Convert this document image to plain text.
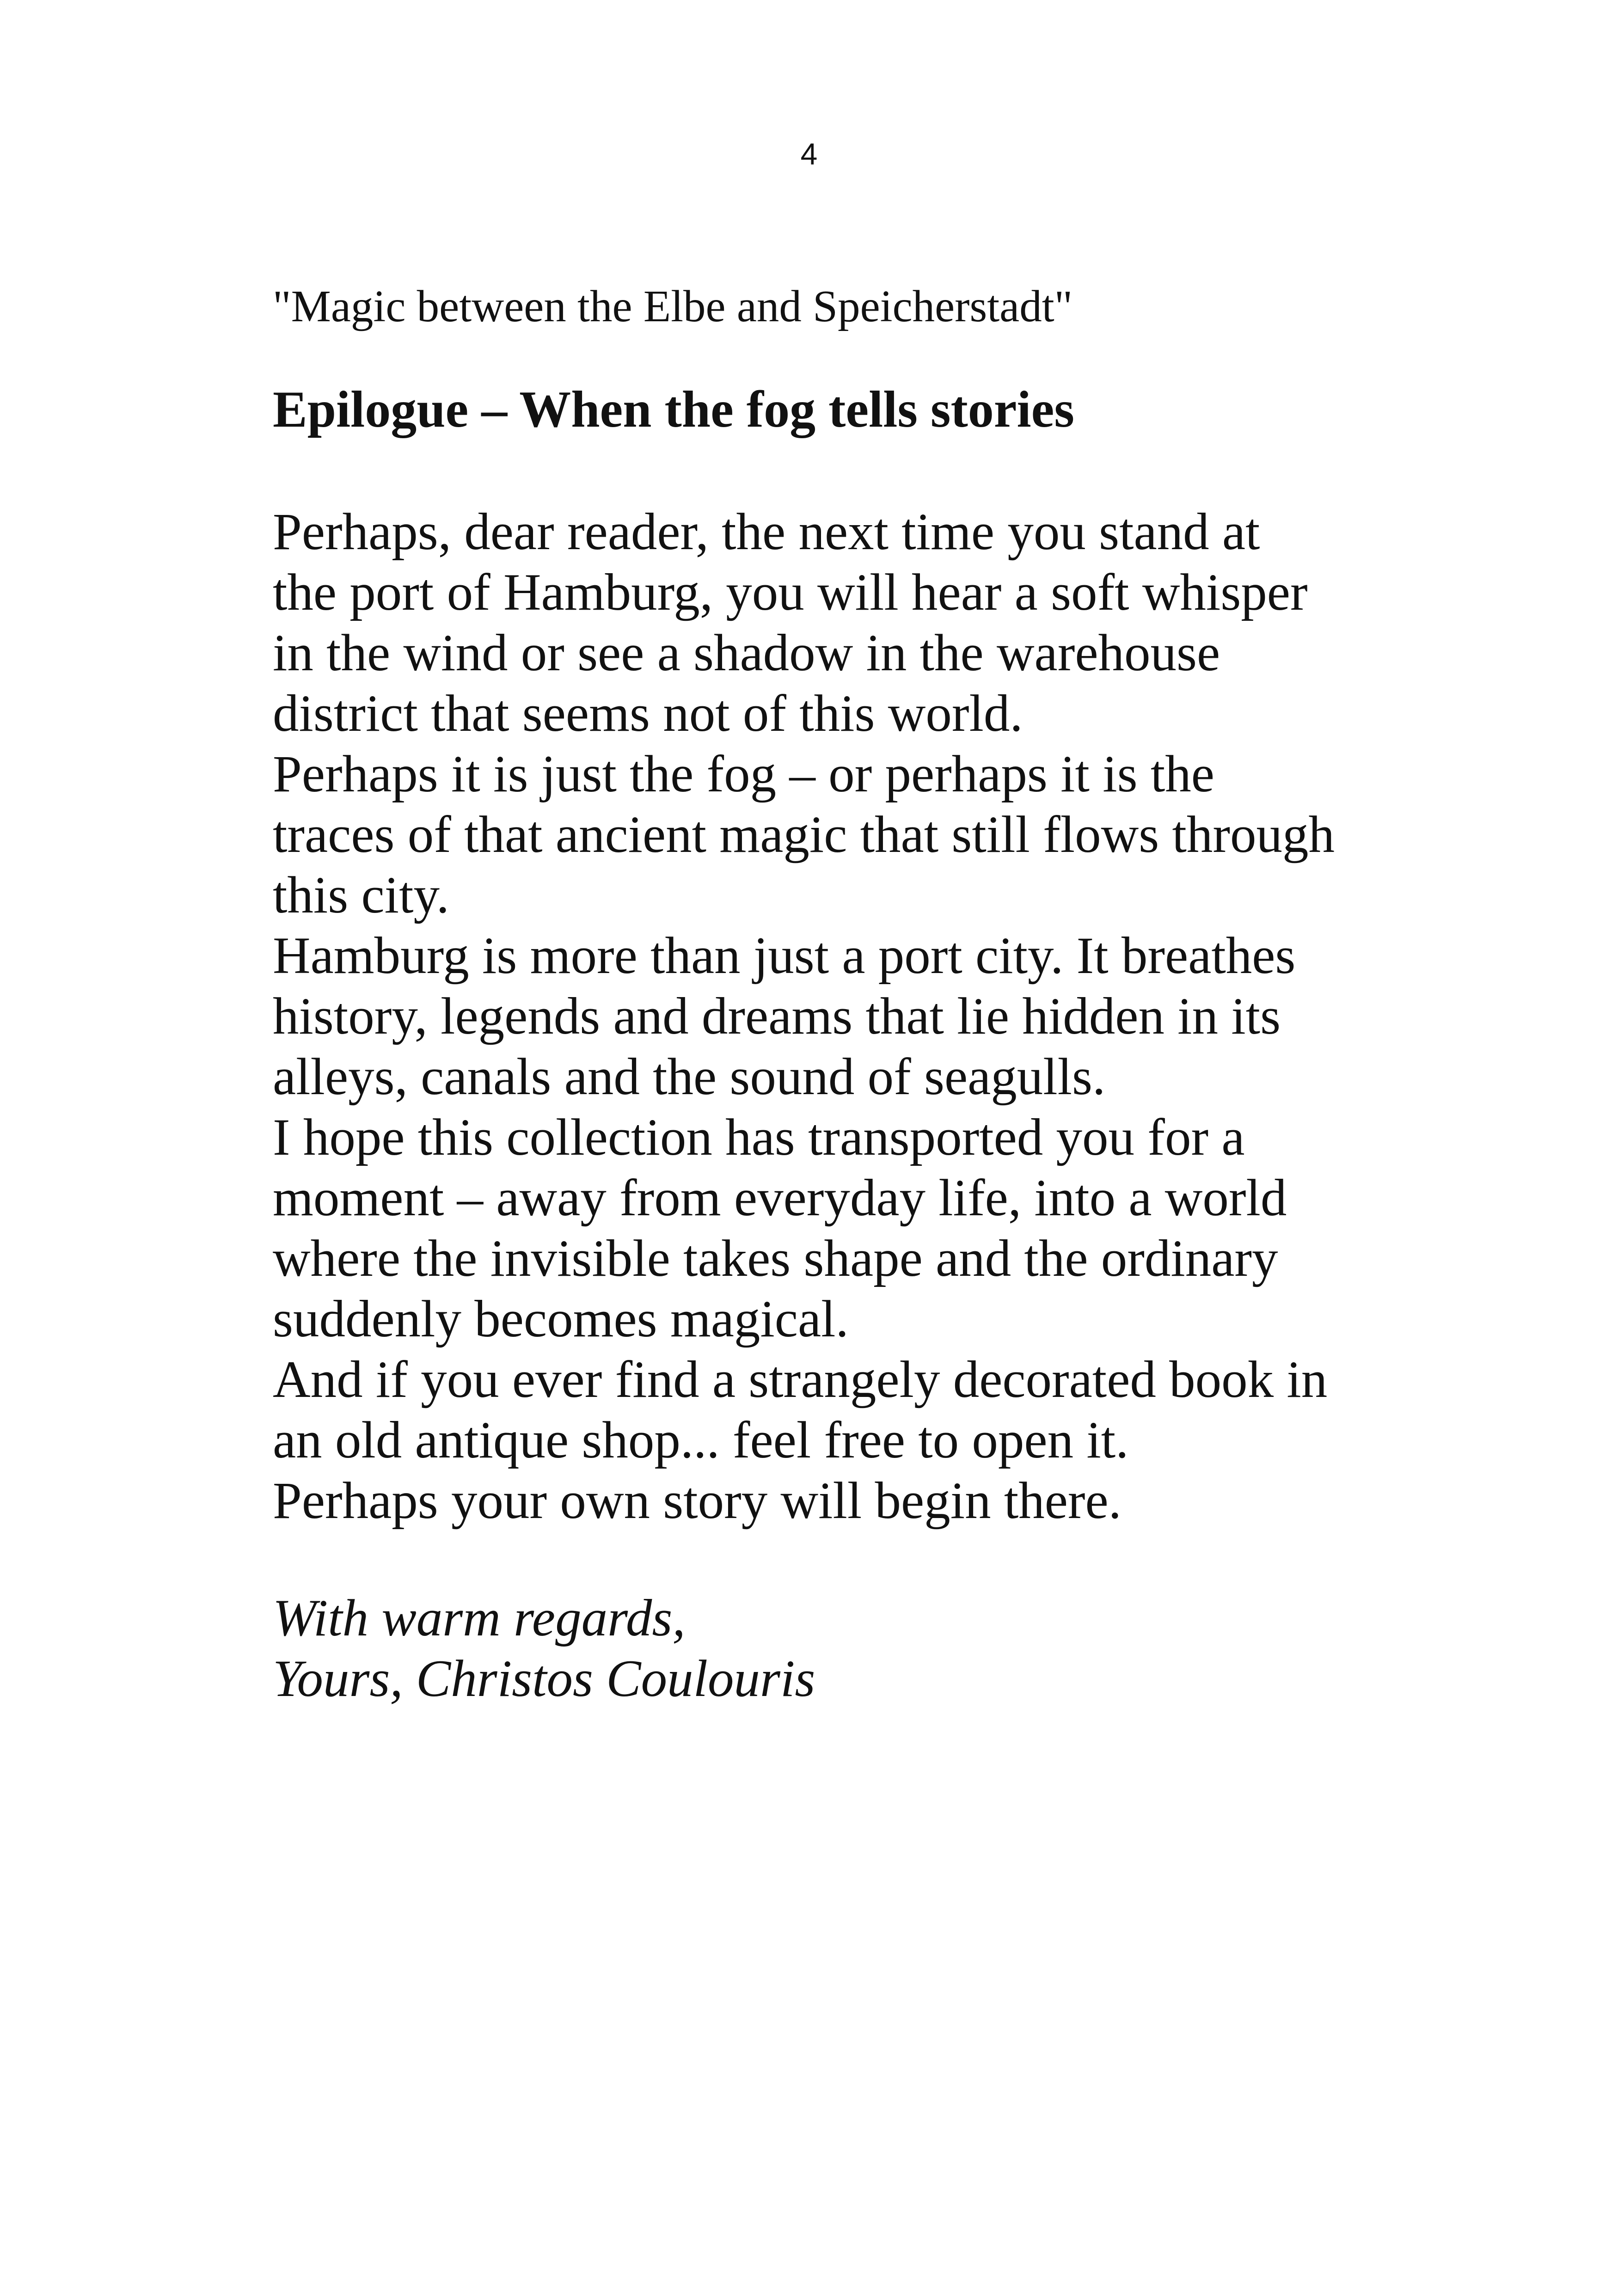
4
"Magic between the Elbe and Speicherstadt"
Epilogue – When the fog tells stories
Perhaps, dear reader, the next time you stand at
the port of Hamburg, you will hear a soft whisper
in the wind or see a shadow in the warehouse
district that seems not of this world.
Perhaps it is just the fog – or perhaps it is the
traces of that ancient magic that still flows through
this city.
Hamburg is more than just a port city. It breathes
history, legends and dreams that lie hidden in its
alleys, canals and the sound of seagulls.
I hope this collection has transported you for a
moment – away from everyday life, into a world
where the invisible takes shape and the ordinary
suddenly becomes magical.
And if you ever find a strangely decorated book in
an old antique shop... feel free to open it.
Perhaps your own story will begin there.
With warm regards,
Yours, Christos Coulouris
